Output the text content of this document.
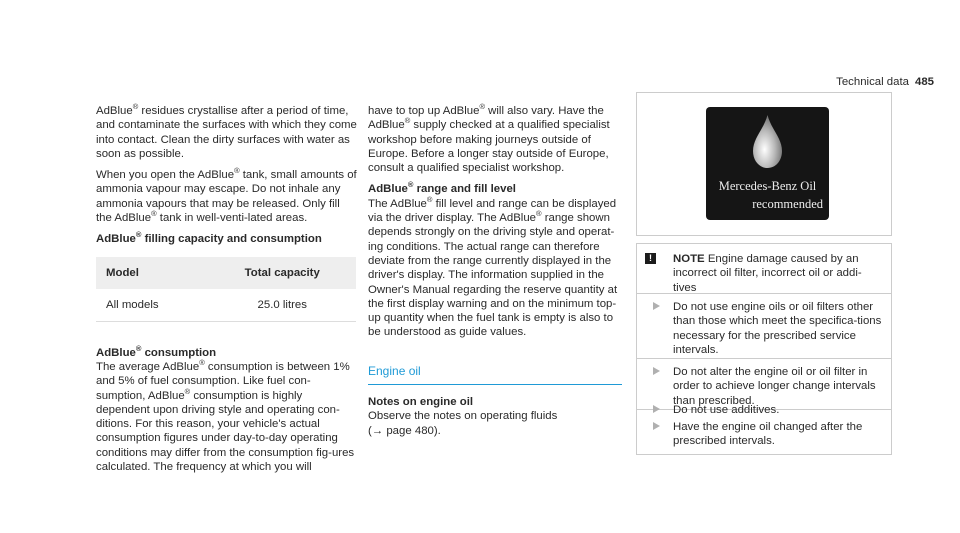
Technical data 485

AdBlue® residues crystallise after a period of time, and contaminate the surfaces with which they come into contact. Clean the dirty surfaces with water as soon as possible.

When you open the AdBlue® tank, small amounts of ammonia vapour may escape. Do not inhale any ammonia vapours that may be released. Only fill the AdBlue® tank in well-venti-lated areas.

AdBlue® filling capacity and consumption

Model	Total capacity
All models	25.0 litres

AdBlue® consumption

The average AdBlue® consumption is between 1% and 5% of fuel consumption. Like fuel con-sumption, AdBlue® consumption is highly dependent upon driving style and operating con-ditions. For this reason, your vehicle's actual consumption figures under day-to-day operating conditions may differ from the consumption fig-ures calculated. The frequency at which you will

have to top up AdBlue® will also vary. Have the AdBlue® supply checked at a qualified specialist workshop before making journeys outside of Europe. Before a longer stay outside of Europe, consult a qualified specialist workshop.

AdBlue® range and fill level

The AdBlue® fill level and range can be displayed via the driver display. The AdBlue® range shown depends strongly on the driving style and operat-ing conditions. The actual range can therefore deviate from the range currently displayed in the driver's display. The information supplied in the Owner's Manual regarding the reserve quantity at the first display warning and on the minimum top-up quantity when the fuel tank is empty is also to be understood as guide values.

Engine oil

Notes on engine oil

Observe the notes on operating fluids

(→ page 480).

Mercedes-Benz Oil
recommended
!	NOTE Engine damage caused by an incorrect oil filter, incorrect oil or addi-tives

Do not use engine oils or oil filters other than those which meet the specifica-tions necessary for the prescribed service intervals.

Do not alter the engine oil or oil filter in order to achieve longer change intervals than prescribed.

Do not use additives.

Have the engine oil changed after the prescribed intervals.
